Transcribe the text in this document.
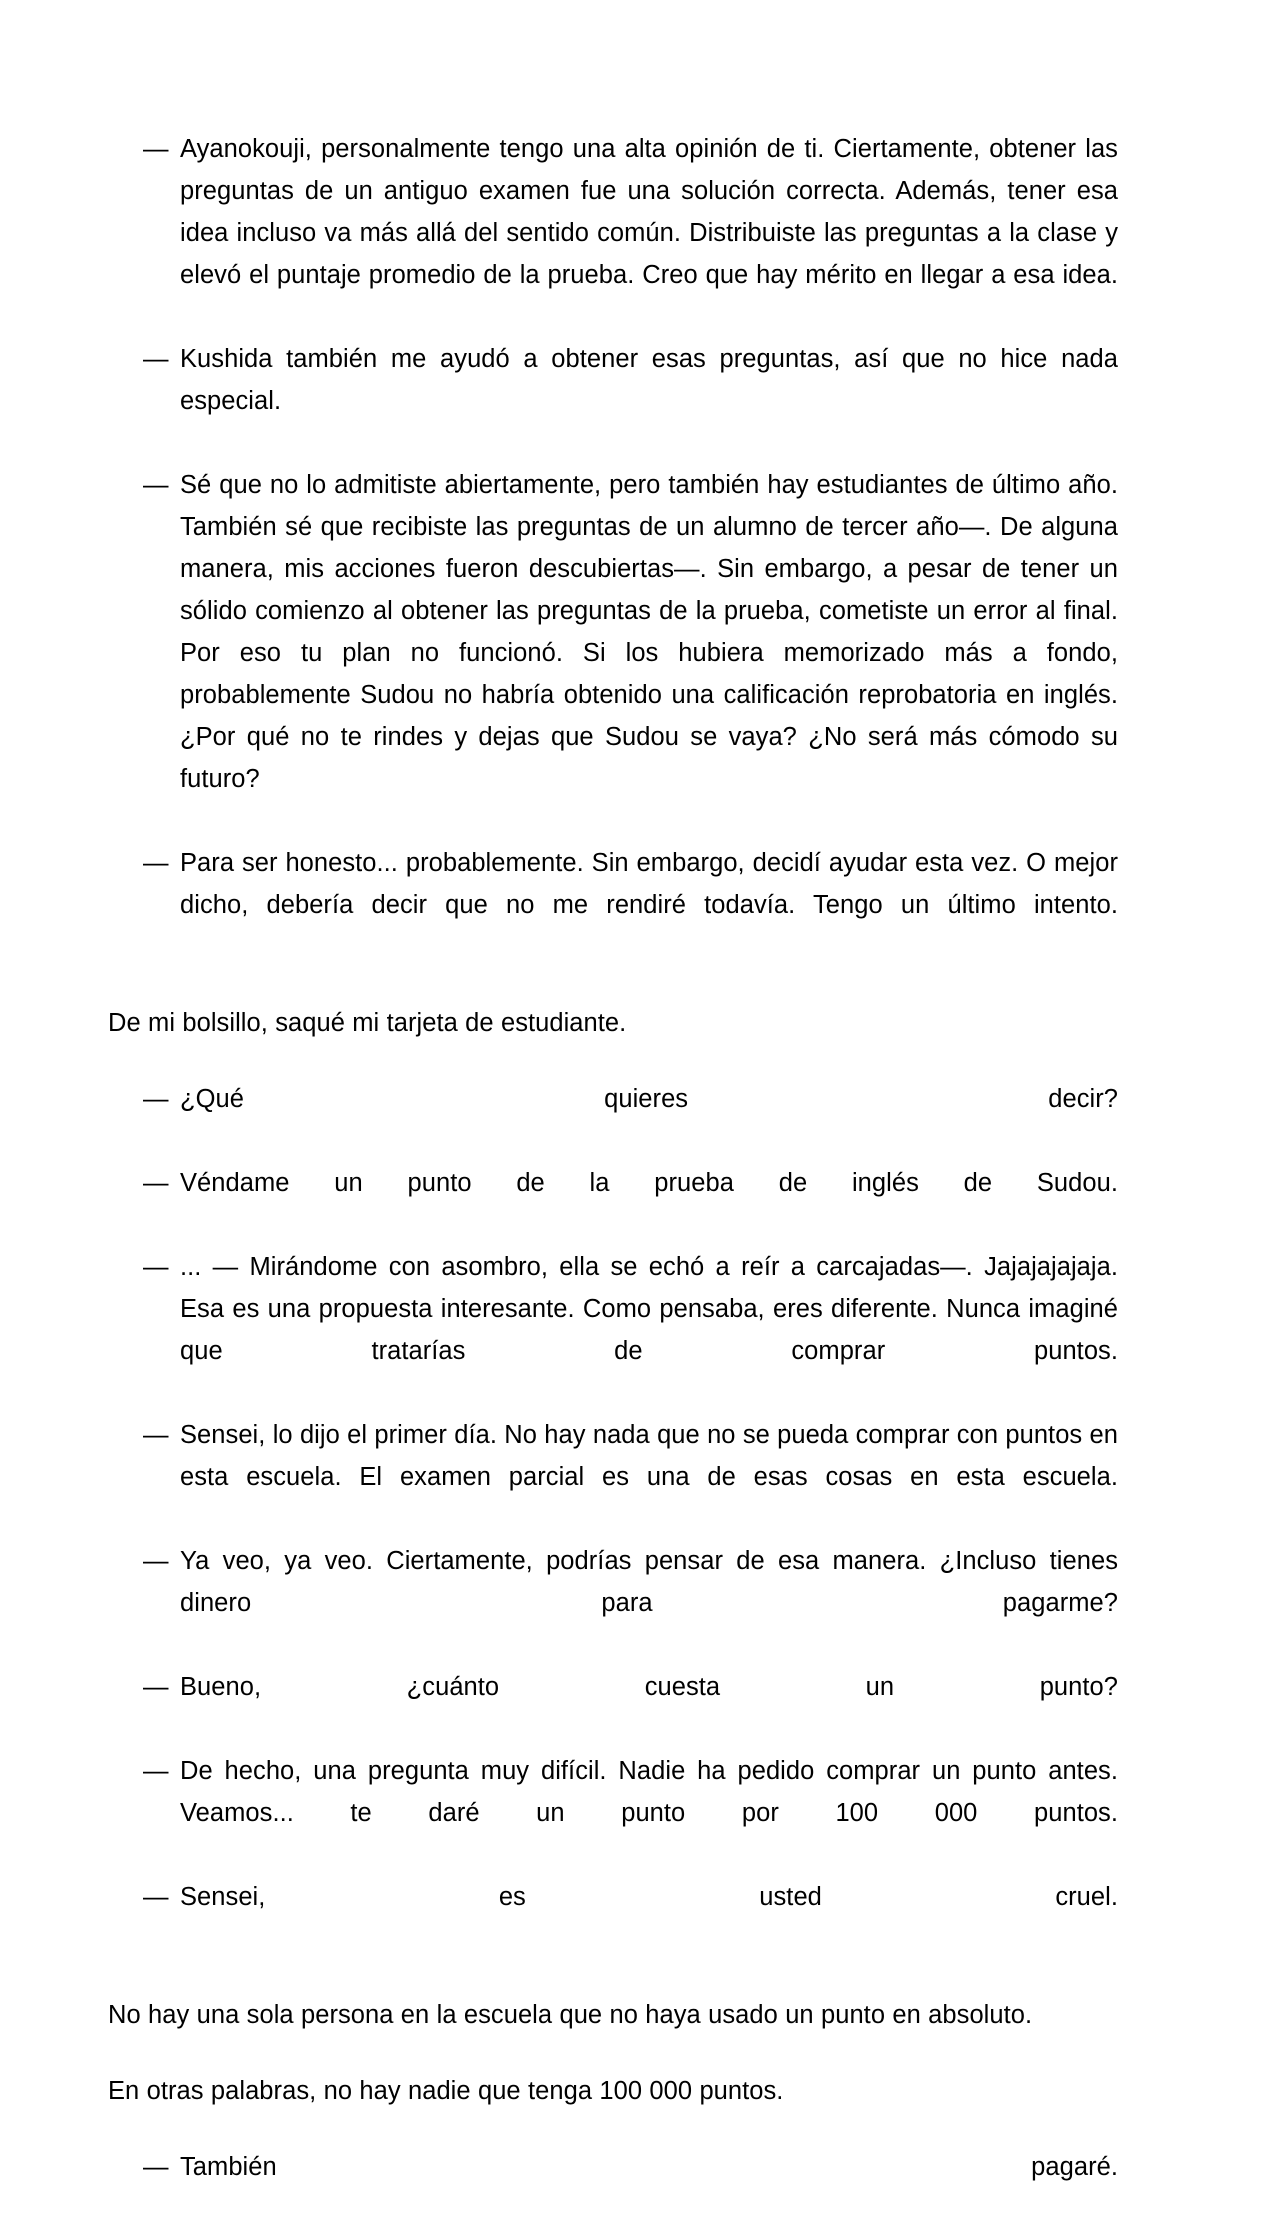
— Ayanokouji, personalmente tengo una alta opinión de ti. Ciertamente, obtener las preguntas de un antiguo examen fue una solución correcta. Además, tener esa idea incluso va más allá del sentido común. Distribuiste las preguntas a la clase y elevó el puntaje promedio de la prueba. Creo que hay mérito en llegar a esa idea.

— Kushida también me ayudó a obtener esas preguntas, así que no hice nada especial.

— Sé que no lo admitiste abiertamente, pero también hay estudiantes de último año. También sé que recibiste las preguntas de un alumno de tercer año—. De alguna manera, mis acciones fueron descubiertas—. Sin embargo, a pesar de tener un sólido comienzo al obtener las preguntas de la prueba, cometiste un error al final. Por eso tu plan no funcionó. Si los hubiera memorizado más a fondo, probablemente Sudou no habría obtenido una calificación reprobatoria en inglés. ¿Por qué no te rindes y dejas que Sudou se vaya? ¿No será más cómodo su futuro?

— Para ser honesto... probablemente. Sin embargo, decidí ayudar esta vez. O mejor dicho, debería decir que no me rendiré todavía. Tengo un último intento.

De mi bolsillo, saqué mi tarjeta de estudiante.

— ¿Qué quieres decir?

— Véndame un punto de la prueba de inglés de Sudou.

— ... — Mirándome con asombro, ella se echó a reír a carcajadas—. Jajajajajaja. Esa es una propuesta interesante. Como pensaba, eres diferente. Nunca imaginé que tratarías de comprar puntos.

— Sensei, lo dijo el primer día. No hay nada que no se pueda comprar con puntos en esta escuela. El examen parcial es una de esas cosas en esta escuela.

— Ya veo, ya veo. Ciertamente, podrías pensar de esa manera. ¿Incluso tienes dinero para pagarme?

— Bueno, ¿cuánto cuesta un punto?

— De hecho, una pregunta muy difícil. Nadie ha pedido comprar un punto antes. Veamos... te daré un punto por 100 000 puntos.

— Sensei, es usted cruel.

No hay una sola persona en la escuela que no haya usado un punto en absoluto.

En otras palabras, no hay nadie que tenga 100 000 puntos.

— También pagaré.
